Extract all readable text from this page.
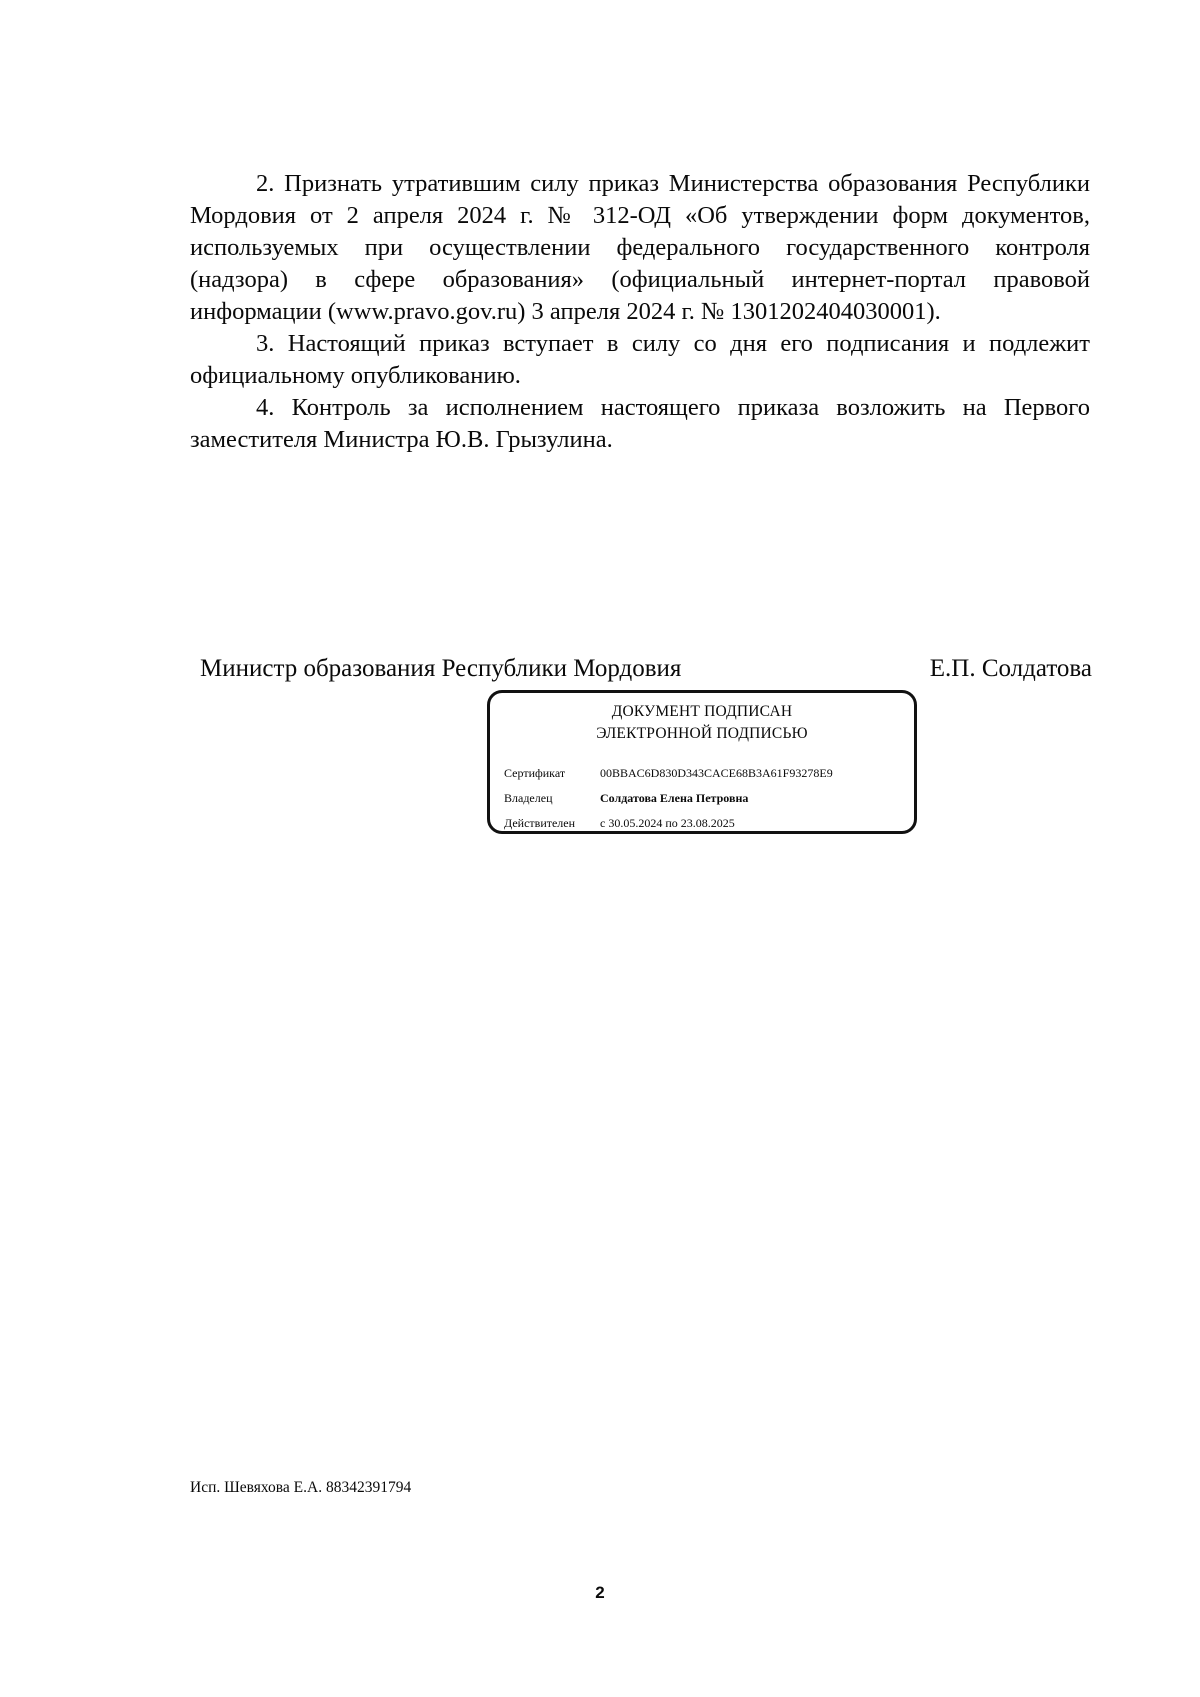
2. Признать утратившим силу приказ Министерства образования Республики Мордовия от 2 апреля 2024 г. № 312-ОД «Об утверждении форм документов, используемых при осуществлении федерального государственного контроля (надзора) в сфере образования» (официальный интернет-портал правовой информации (www.pravo.gov.ru) 3 апреля 2024 г. № 1301202404030001).

3. Настоящий приказ вступает в силу со дня его подписания и подлежит официальному опубликованию.

4. Контроль за исполнением настоящего приказа возложить на Первого заместителя Министра Ю.В. Грызулина.

Министр образования Республики Мордовия	Е.П. Солдатова
ДОКУМЕНТ ПОДПИСАН
ЭЛЕКТРОННОЙ ПОДПИСЬЮ
Сертификат	00BBAC6D830D343CACE68B3A61F93278E9
Владелец	Солдатова Елена Петровна
Действителен с 30.05.2024 по 23.08.2025
Исп. Шевяхова Е.А. 88342391794
2
